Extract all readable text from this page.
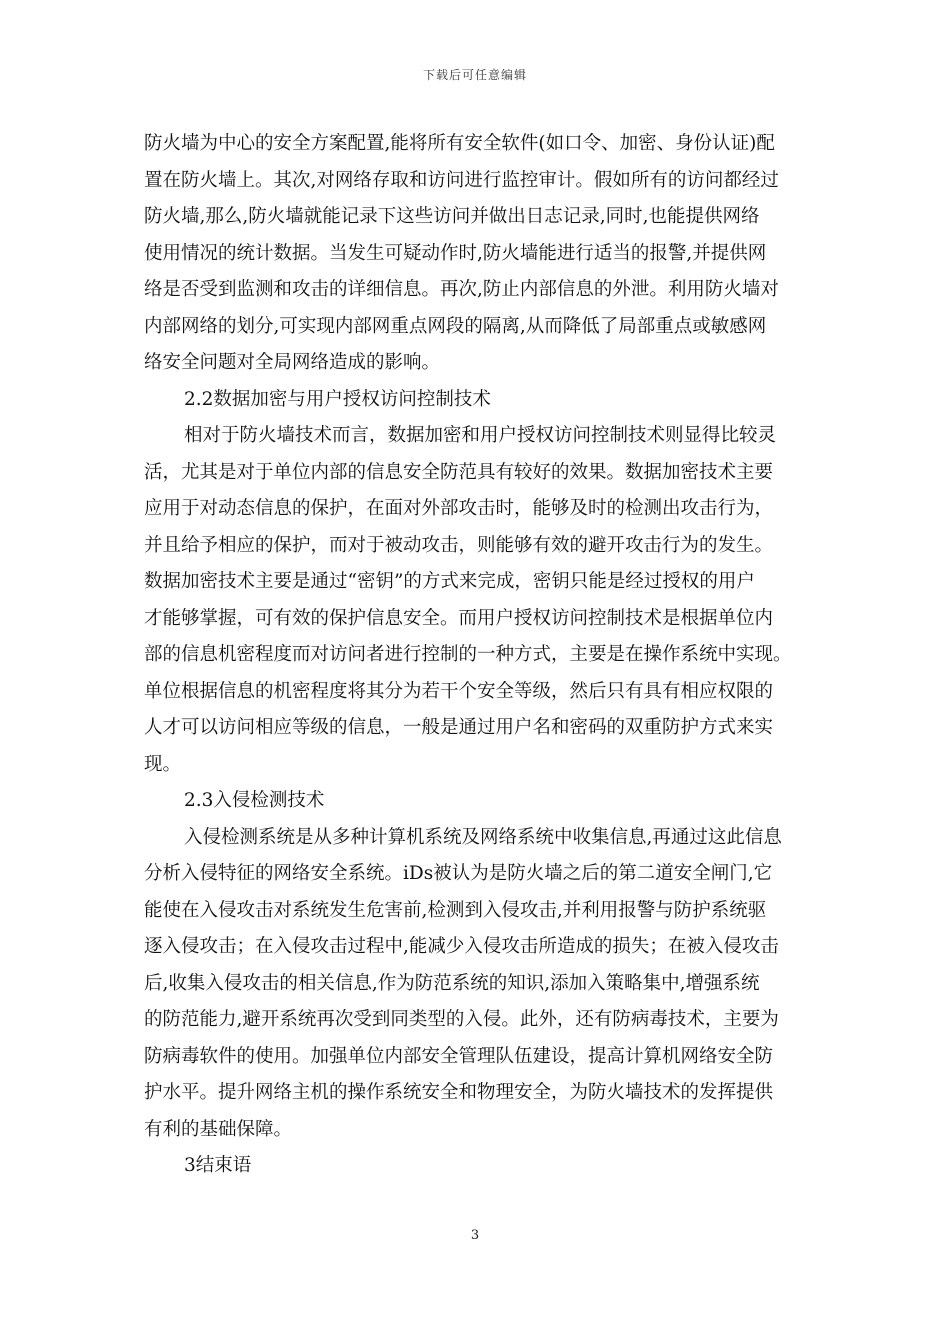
下载后可任意编辑
防火墙为中心的安全方案配置,能将所有安全软件(如口令、加密、身份认证)配
置在防火墙上。其次,对网络存取和访问进行监控审计。假如所有的访问都经过
防火墙,那么,防火墙就能记录下这些访问并做出日志记录,同时,也能提供网络
使用情况的统计数据。当发生可疑动作时,防火墙能进行适当的报警,并提供网
络是否受到监测和攻击的详细信息。再次,防止内部信息的外泄。利用防火墙对
内部网络的划分,可实现内部网重点网段的隔离,从而降低了局部重点或敏感网
络安全问题对全局网络造成的影响。
2.2数据加密与用户授权访问控制技术
相对于防火墙技术而言，数据加密和用户授权访问控制技术则显得比较灵
活，尤其是对于单位内部的信息安全防范具有较好的效果。数据加密技术主要
应用于对动态信息的保护，在面对外部攻击时，能够及时的检测出攻击行为，
并且给予相应的保护，而对于被动攻击，则能够有效的避开攻击行为的发生。
数据加密技术主要是通过“密钥”的方式来完成，密钥只能是经过授权的用户
才能够掌握，可有效的保护信息安全。而用户授权访问控制技术是根据单位内
部的信息机密程度而对访问者进行控制的一种方式，主要是在操作系统中实现。
单位根据信息的机密程度将其分为若干个安全等级，然后只有具有相应权限的
人才可以访问相应等级的信息，一般是通过用户名和密码的双重防护方式来实
现。
2.3入侵检测技术
入侵检测系统是从多种计算机系统及网络系统中收集信息,再通过这此信息
分析入侵特征的网络安全系统。iDs被认为是防火墙之后的第二道安全闸门,它
能使在入侵攻击对系统发生危害前,检测到入侵攻击,并利用报警与防护系统驱
逐入侵攻击；在入侵攻击过程中,能减少入侵攻击所造成的损失；在被入侵攻击
后,收集入侵攻击的相关信息,作为防范系统的知识,添加入策略集中,增强系统
的防范能力,避开系统再次受到同类型的入侵。此外，还有防病毒技术，主要为
防病毒软件的使用。加强单位内部安全管理队伍建设，提高计算机网络安全防
护水平。提升网络主机的操作系统安全和物理安全，为防火墙技术的发挥提供
有利的基础保障。
3结束语
3
